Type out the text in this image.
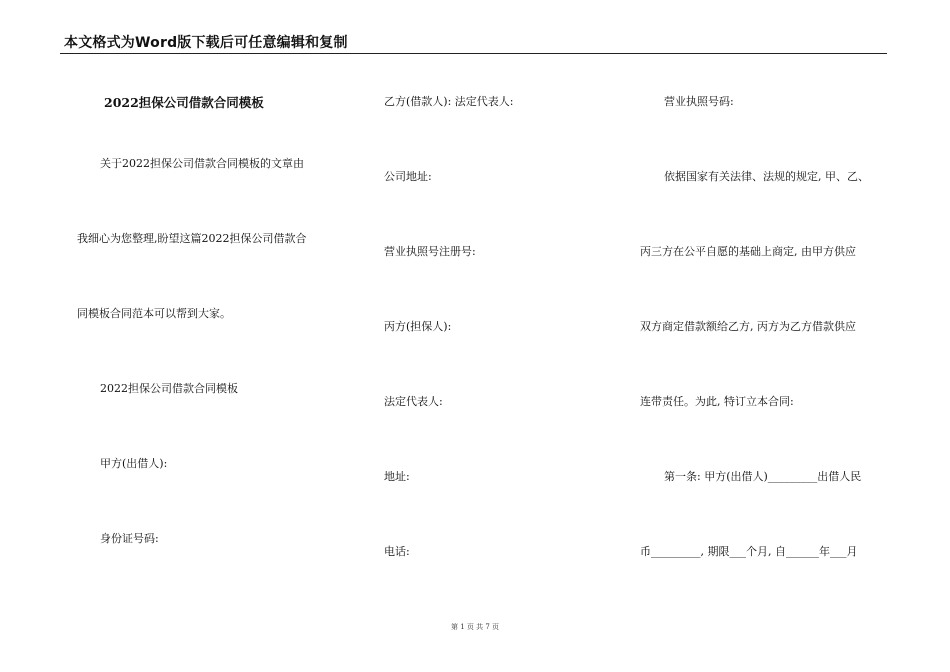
本文格式为Word版下载后可任意编辑和复制
2022担保公司借款合同模板
关于2022担保公司借款合同模板的文章由
我细心为您整理,盼望这篇2022担保公司借款合
同模板合同范本可以帮到大家。
2022担保公司借款合同模板
甲方(出借人):
身份证号码:
乙方(借款人): 法定代表人:
公司地址:
营业执照号注册号:
丙方(担保人):
法定代表人:
地址:
电话:
营业执照号码:
依据国家有关法律、法规的规定, 甲、乙、
丙三方在公平自愿的基础上商定, 由甲方供应
双方商定借款额给乙方, 丙方为乙方借款供应
连带责任。为此, 特订立本合同:
第一条: 甲方(出借人)_________出借人民
币_________, 期限___个月, 自______年___月
第 1 页 共 7 页
